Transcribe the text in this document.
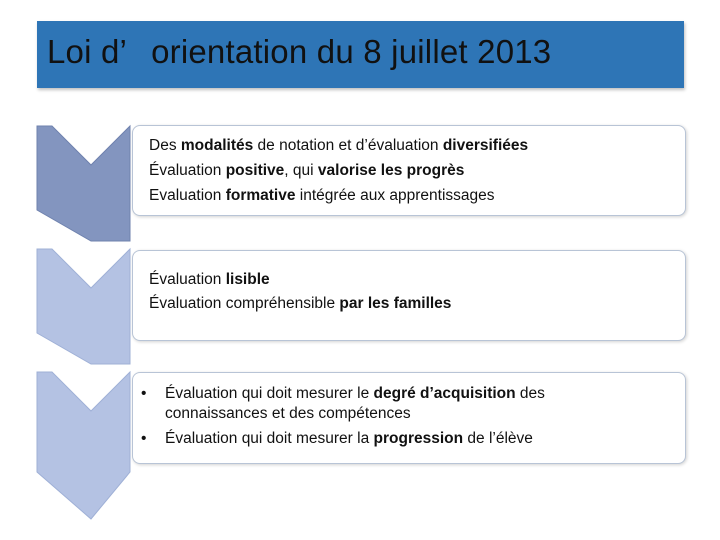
Loi d’ orientation du 8 juillet 2013
Des modalités de notation et d’évaluation diversifiées
Évaluation positive, qui valorise les progrès
Evaluation formative intégrée aux apprentissages
Évaluation lisible
Évaluation compréhensible par les familles
• Évaluation qui doit mesurer le degré d’acquisition des
connaissances et des compétences
• Évaluation qui doit mesurer la progression de l’élève
